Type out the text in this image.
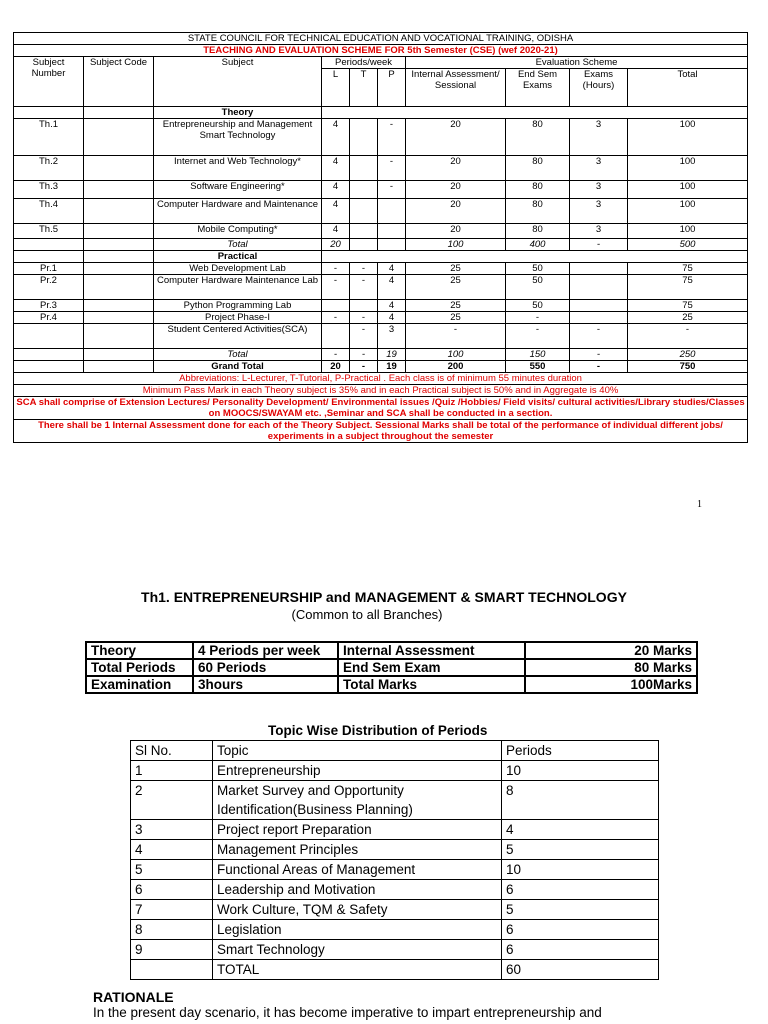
STATE COUNCIL FOR TECHNICAL EDUCATION AND VOCATIONAL TRAINING, ODISHA									
TEACHING AND EVALUATION SCHEME FOR 5th Semester (CSE) (wef 2020-21)									
Subject Number	Subject Code	Subject	Periods/week			Evaluation Scheme			
			L	T	P	Internal Assessment/ Sessional	End Sem Exams	Exams (Hours)	Total
		Theory							
Th.1		Entrepreneurship and Management Smart Technology	4		-	20	80	3	100
Th.2		Internet and Web Technology*	4		-	20	80	3	100
Th.3		Software Engineering*	4		-	20	80	3	100
Th.4		Computer Hardware and Maintenance	4			20	80	3	100
Th.5		Mobile Computing*	4			20	80	3	100
		Total	20			100	400	-	500
		Practical							
Pr.1		Web Development Lab	-	-	4	25	50		75
Pr.2		Computer Hardware Maintenance Lab	-	-	4	25	50		75
Pr.3		Python Programming Lab			4	25	50		75
Pr.4		Project Phase-I	-	-	4	25	-		25
		Student Centered Activities(SCA)		-	3	-	-	-	-
		Total	-	-	19	100	150	-	250
		Grand Total	20	-	19	200	550	-	750
Abbreviations: L-Lecturer, T-Tutorial, P-Practical . Each class is of minimum 55 minutes duration									
Minimum Pass Mark in each Theory subject is 35% and in each Practical subject is 50% and in Aggregate is 40%									
SCA shall comprise of Extension Lectures/ Personality Development/ Environmental issues /Quiz /Hobbies/ Field visits/ cultural activities/Library studies/Classes on MOOCS/SWAYAM etc. ,Seminar and SCA shall be conducted in a section.									
There shall be 1 Internal Assessment done for each of the Theory Subject. Sessional Marks shall be total of the performance of individual different jobs/ experiments in a subject throughout the semester									
1
Th1. ENTREPRENEURSHIP and MANAGEMENT & SMART TECHNOLOGY
(Common to all Branches)
Theory	4 Periods per week	Internal Assessment	20 Marks
Total Periods	60 Periods	End Sem Exam	80 Marks
Examination	3hours	Total Marks	100Marks
Topic Wise Distribution of Periods
Sl No.	Topic	Periods
1	Entrepreneurship	10
2	Market Survey and Opportunity Identification(Business Planning)	8
3	Project report Preparation	4
4	Management Principles	5
5	Functional Areas of Management	10
6	Leadership and Motivation	6
7	Work Culture, TQM & Safety	5
8	Legislation	6
9	Smart Technology	6
	TOTAL	60
RATIONALE
In the present day scenario, it has become imperative to impart entrepreneurship and
